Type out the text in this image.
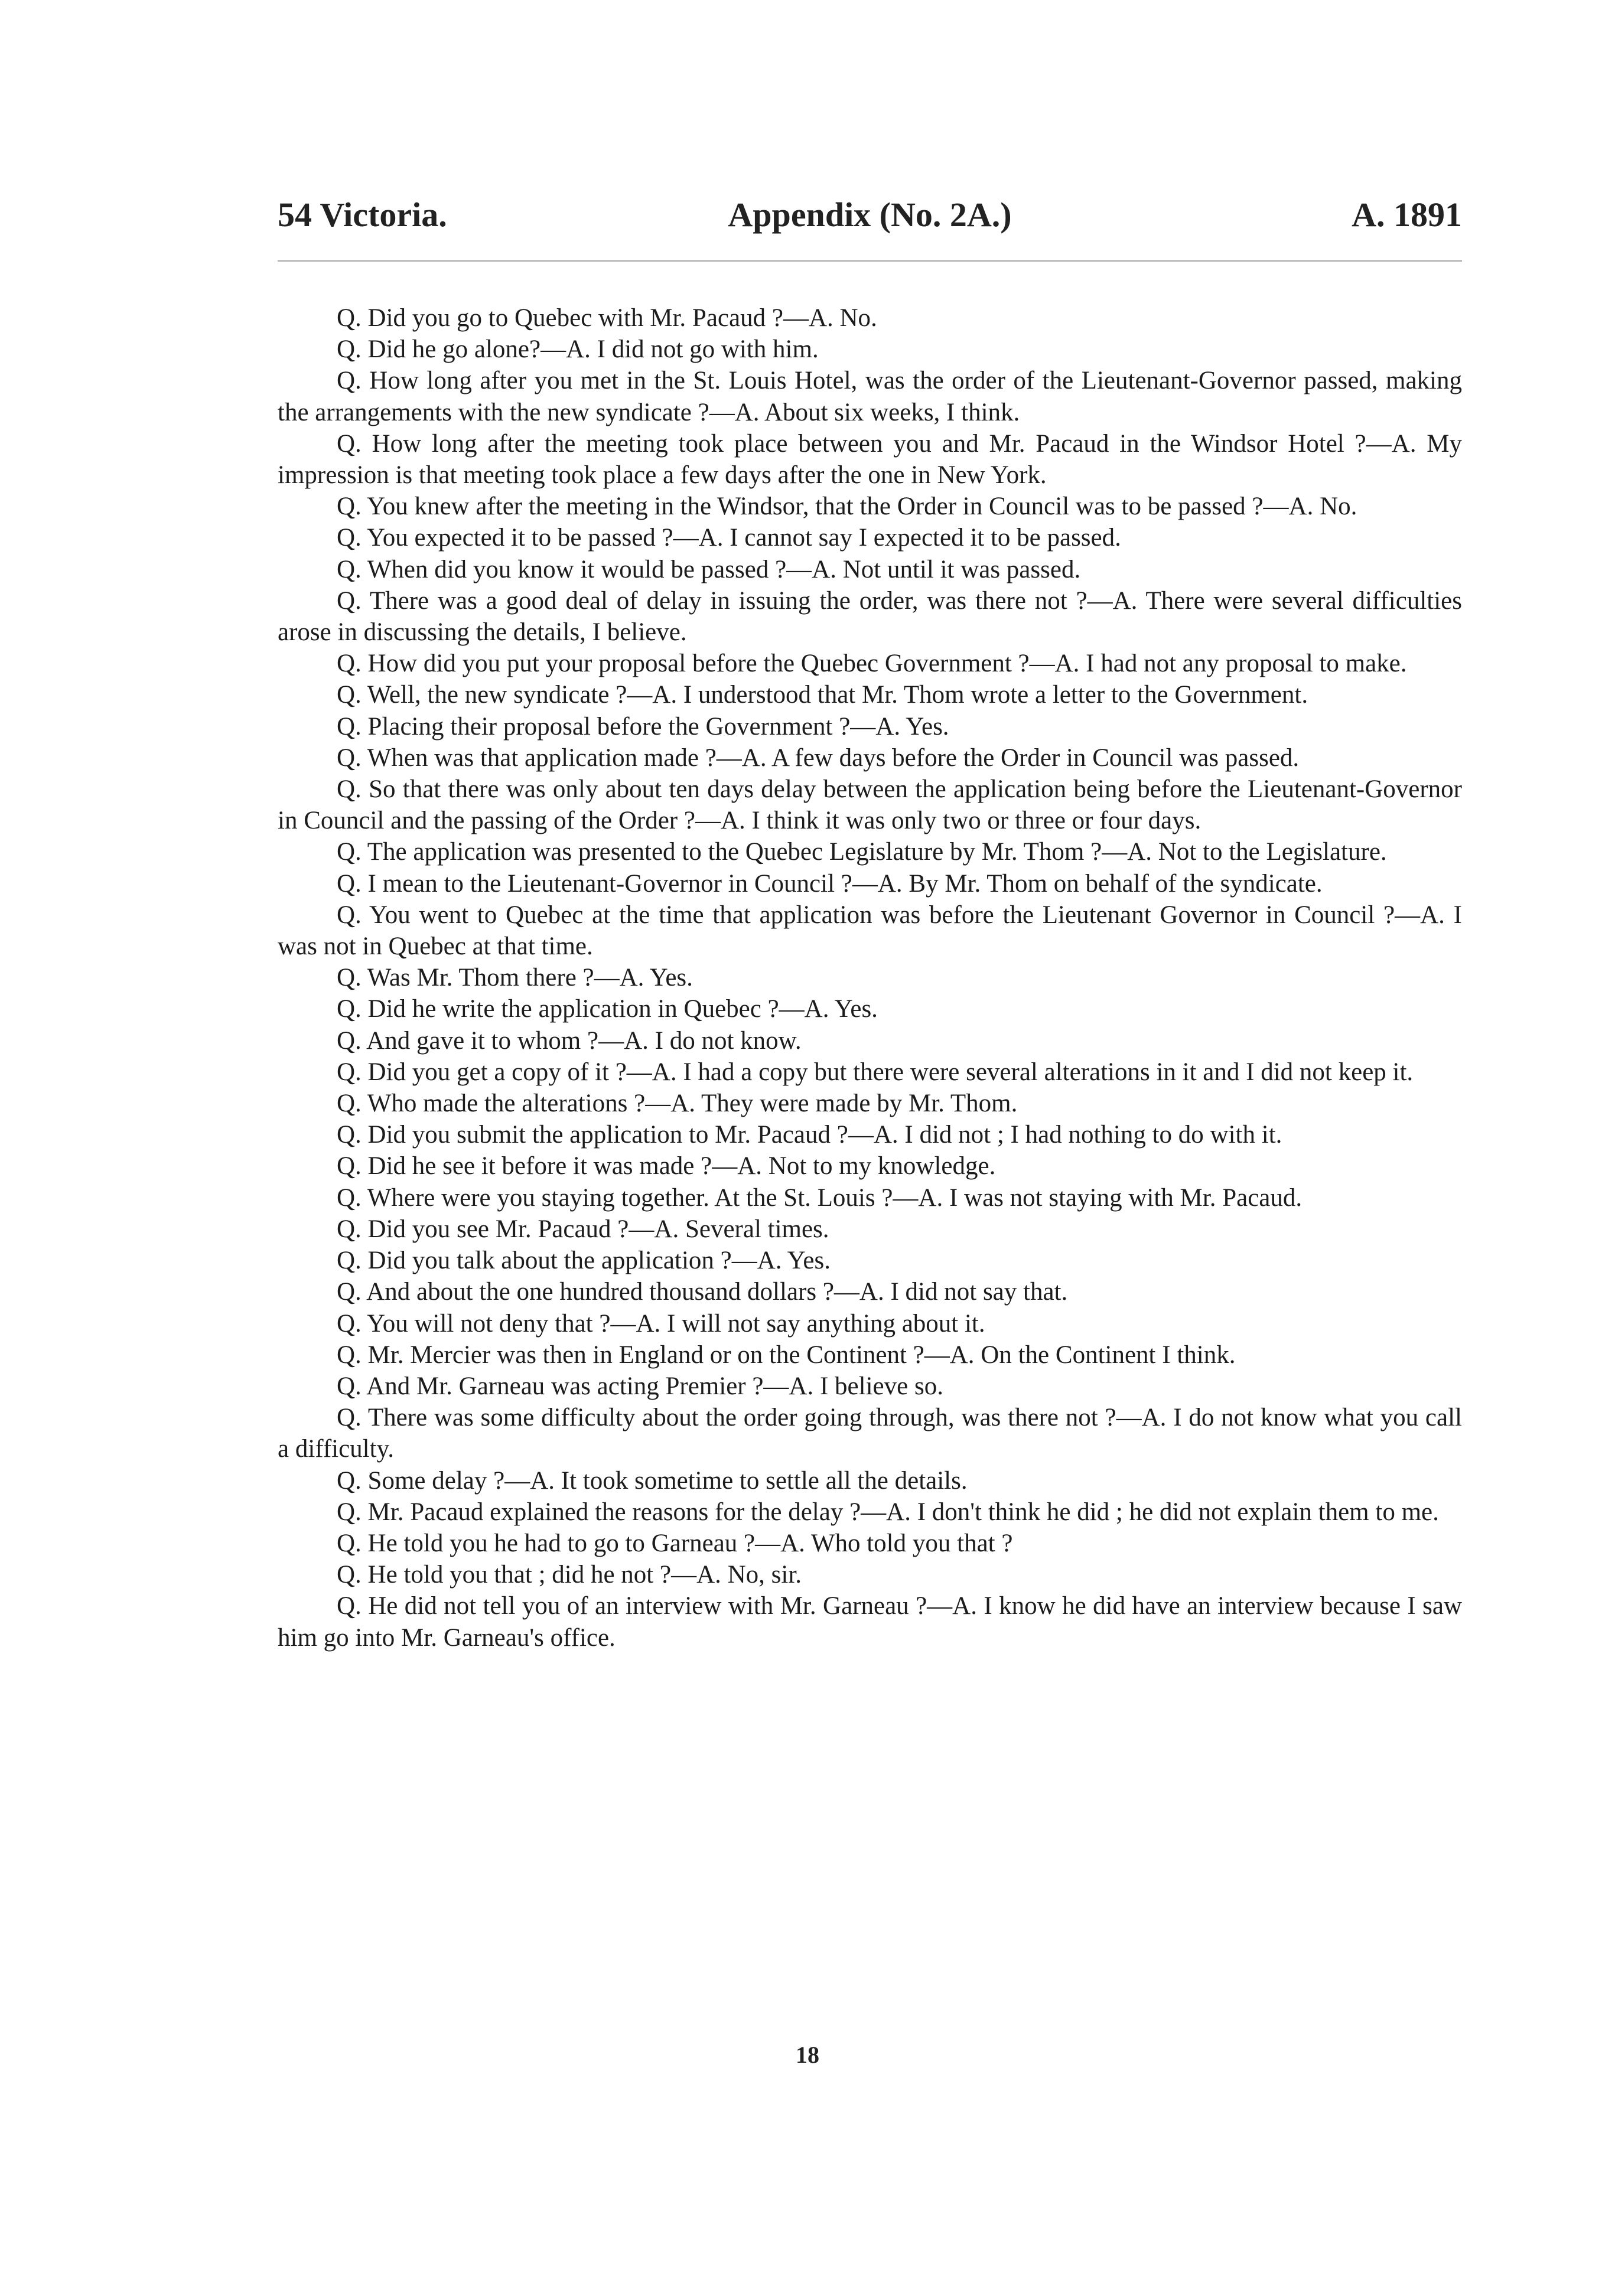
54 Victoria.	Appendix (No. 2A.)	A. 1891

Q. Did you go to Quebec with Mr. Pacaud ?—A. No.

Q. Did he go alone?—A. I did not go with him.

Q. How long after you met in the St. Louis Hotel, was the order of the Lieutenant-Governor passed, making the arrangements with the new syndicate ?—A. About six weeks, I think.

Q. How long after the meeting took place between you and Mr. Pacaud in the Windsor Hotel ?—A. My impression is that meeting took place a few days after the one in New York.

Q. You knew after the meeting in the Windsor, that the Order in Council was to be passed ?—A. No.

Q. You expected it to be passed ?—A. I cannot say I expected it to be passed.

Q. When did you know it would be passed ?—A. Not until it was passed.

Q. There was a good deal of delay in issuing the order, was there not ?—A. There were several difficulties arose in discussing the details, I believe.

Q. How did you put your proposal before the Quebec Government ?—A. I had not any proposal to make.

Q. Well, the new syndicate ?—A. I understood that Mr. Thom wrote a letter to the Government.

Q. Placing their proposal before the Government ?—A. Yes.

Q. When was that application made ?—A. A few days before the Order in Council was passed.

Q. So that there was only about ten days delay between the application being before the Lieutenant-Governor in Council and the passing of the Order ?—A. I think it was only two or three or four days.

Q. The application was presented to the Quebec Legislature by Mr. Thom ?—A. Not to the Legislature.

Q. I mean to the Lieutenant-Governor in Council ?—A. By Mr. Thom on behalf of the syndicate.

Q. You went to Quebec at the time that application was before the Lieutenant Governor in Council ?—A. I was not in Quebec at that time.

Q. Was Mr. Thom there ?—A. Yes.

Q. Did he write the application in Quebec ?—A. Yes.

Q. And gave it to whom ?—A. I do not know.

Q. Did you get a copy of it ?—A. I had a copy but there were several alterations in it and I did not keep it.

Q. Who made the alterations ?—A. They were made by Mr. Thom.

Q. Did you submit the application to Mr. Pacaud ?—A. I did not ; I had nothing to do with it.

Q. Did he see it before it was made ?—A. Not to my knowledge.

Q. Where were you staying together. At the St. Louis ?—A. I was not staying with Mr. Pacaud.

Q. Did you see Mr. Pacaud ?—A. Several times.

Q. Did you talk about the application ?—A. Yes.

Q. And about the one hundred thousand dollars ?—A. I did not say that.

Q. You will not deny that ?—A. I will not say anything about it.

Q. Mr. Mercier was then in England or on the Continent ?—A. On the Continent I think.

Q. And Mr. Garneau was acting Premier ?—A. I believe so.

Q. There was some difficulty about the order going through, was there not ?—A. I do not know what you call a difficulty.

Q. Some delay ?—A. It took sometime to settle all the details.

Q. Mr. Pacaud explained the reasons for the delay ?—A. I don't think he did ; he did not explain them to me.

Q. He told you he had to go to Garneau ?—A. Who told you that ?

Q. He told you that ; did he not ?—A. No, sir.

Q. He did not tell you of an interview with Mr. Garneau ?—A. I know he did have an interview because I saw him go into Mr. Garneau's office.

18
